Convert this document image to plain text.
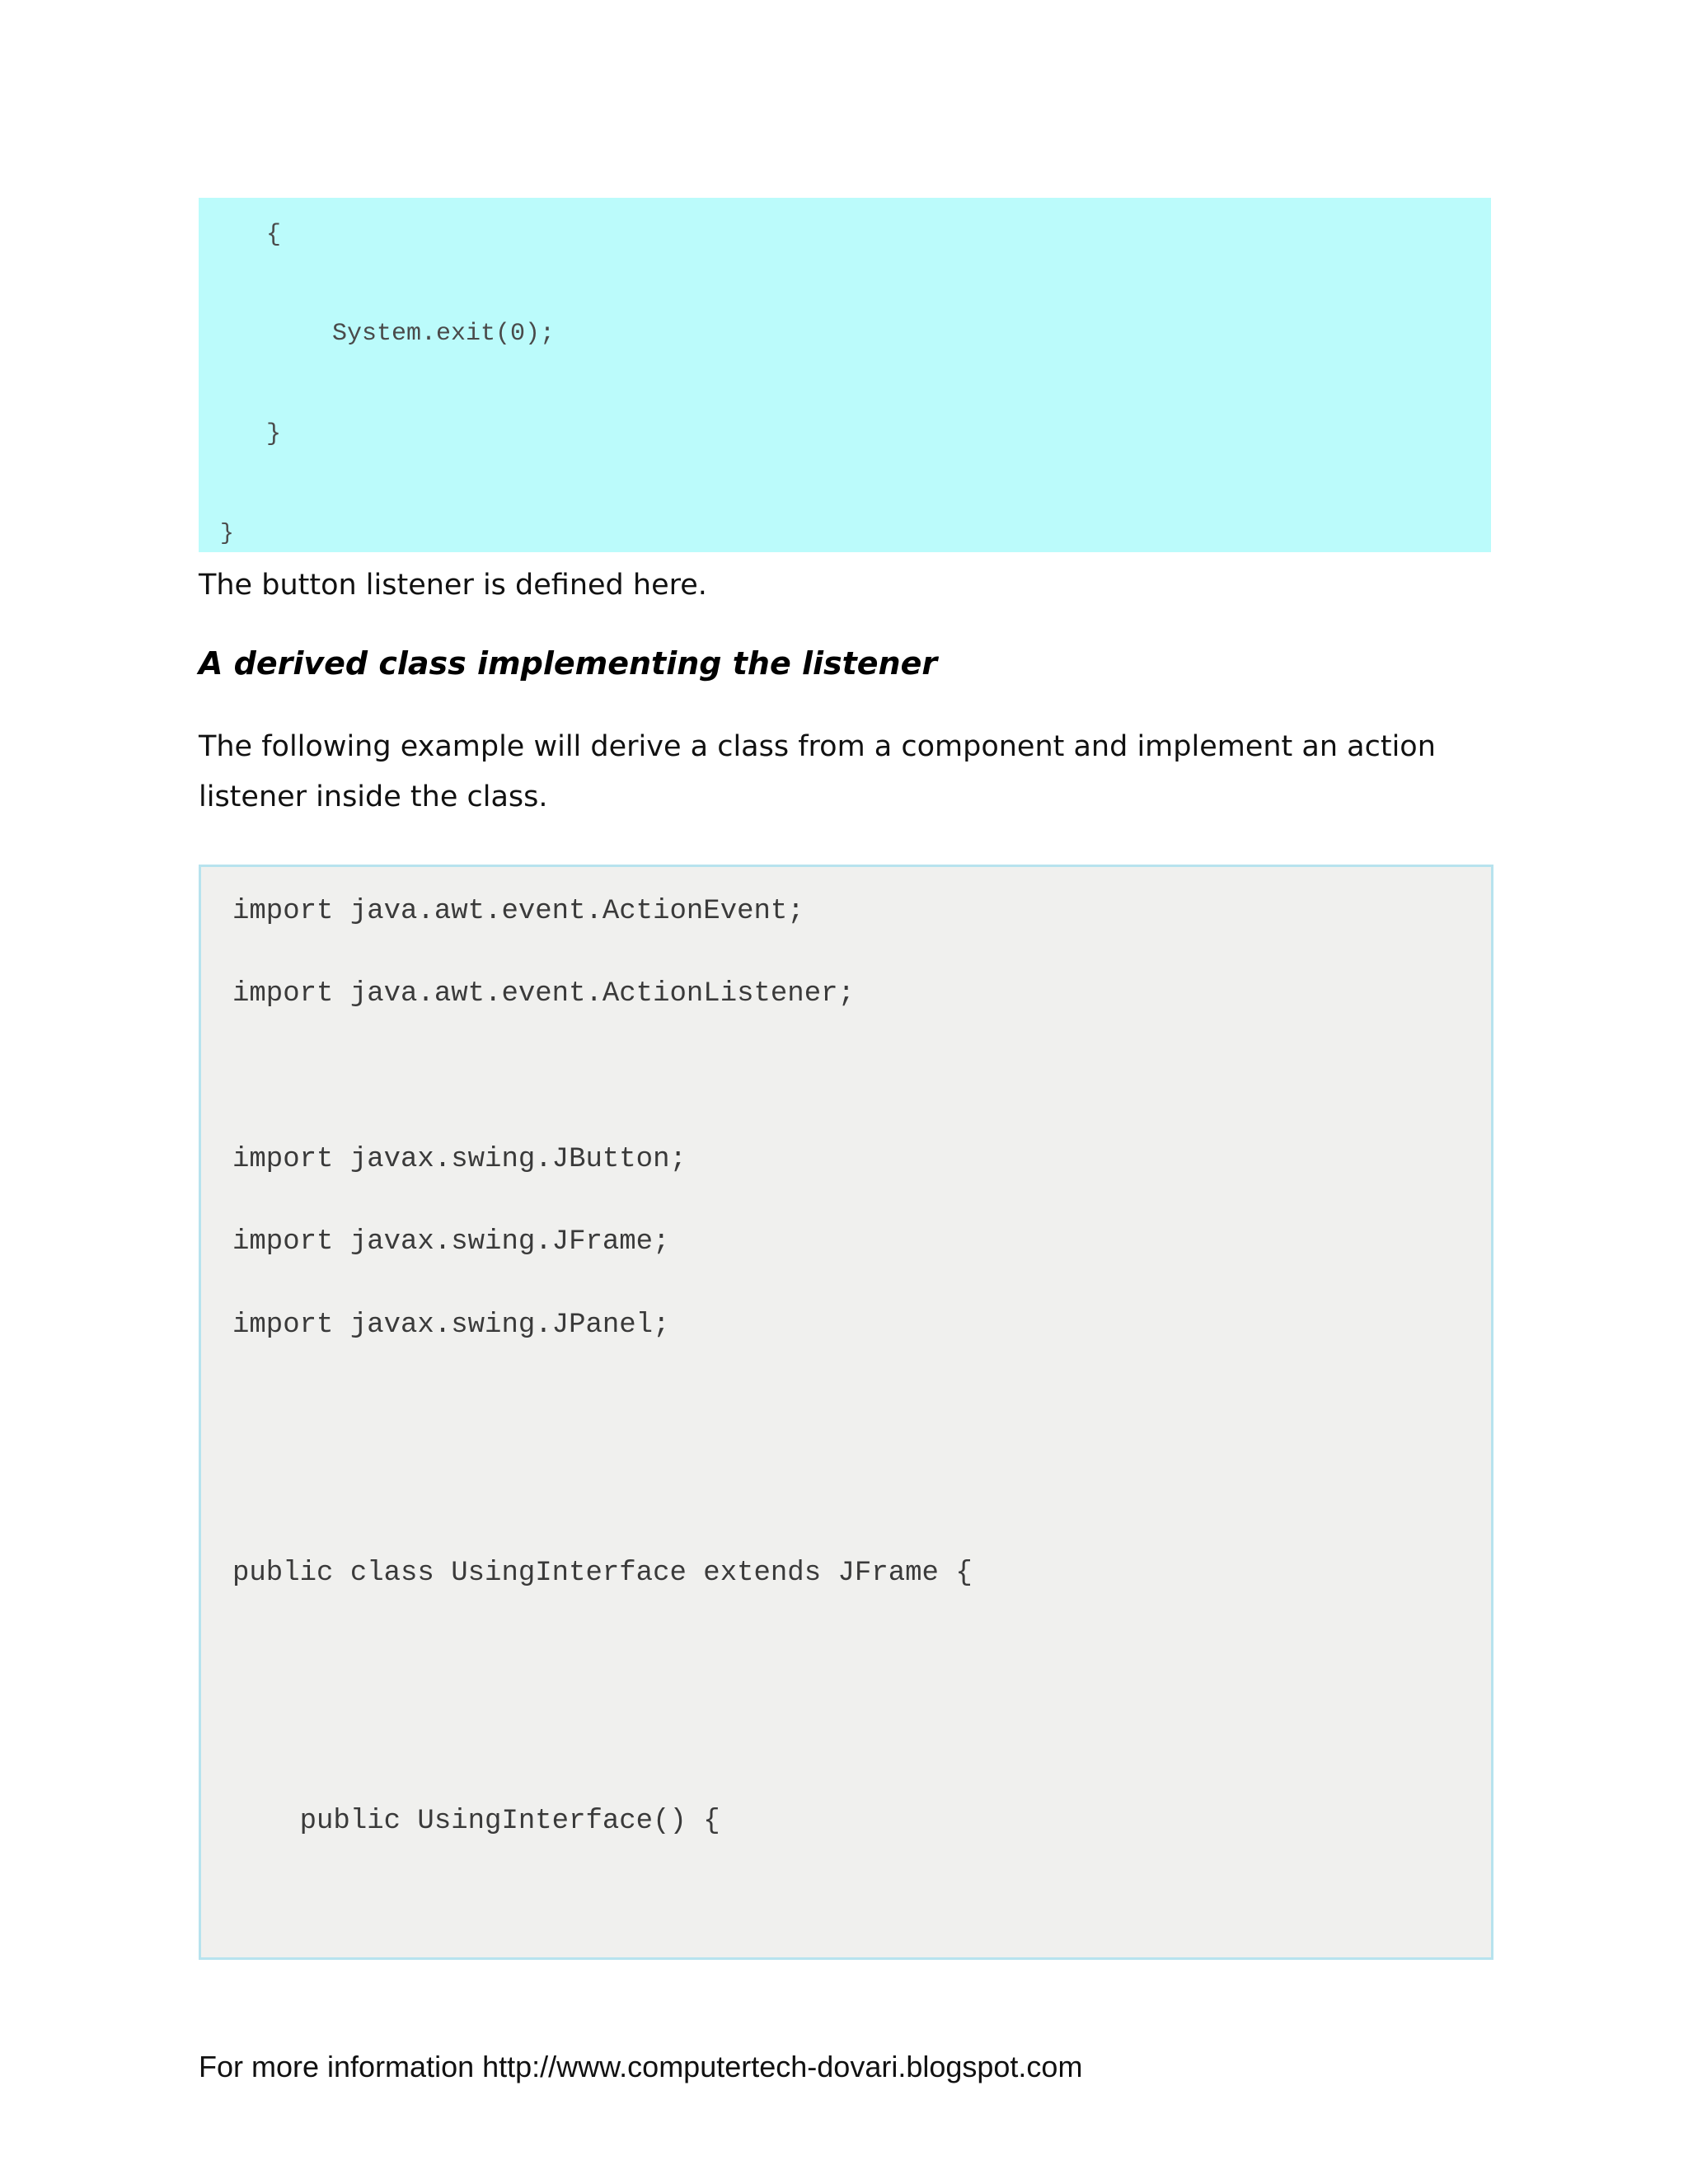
{
System.exit(0);
}
}
The button listener is defined here.
A derived class implementing the listener
The following example will derive a class from a component and implement an action
listener inside the class.
import java.awt.event.ActionEvent;
import java.awt.event.ActionListener;
import javax.swing.JButton;
import javax.swing.JFrame;
import javax.swing.JPanel;
public class UsingInterface extends JFrame {
public UsingInterface() {
For more information http://www.computertech-dovari.blogspot.com
